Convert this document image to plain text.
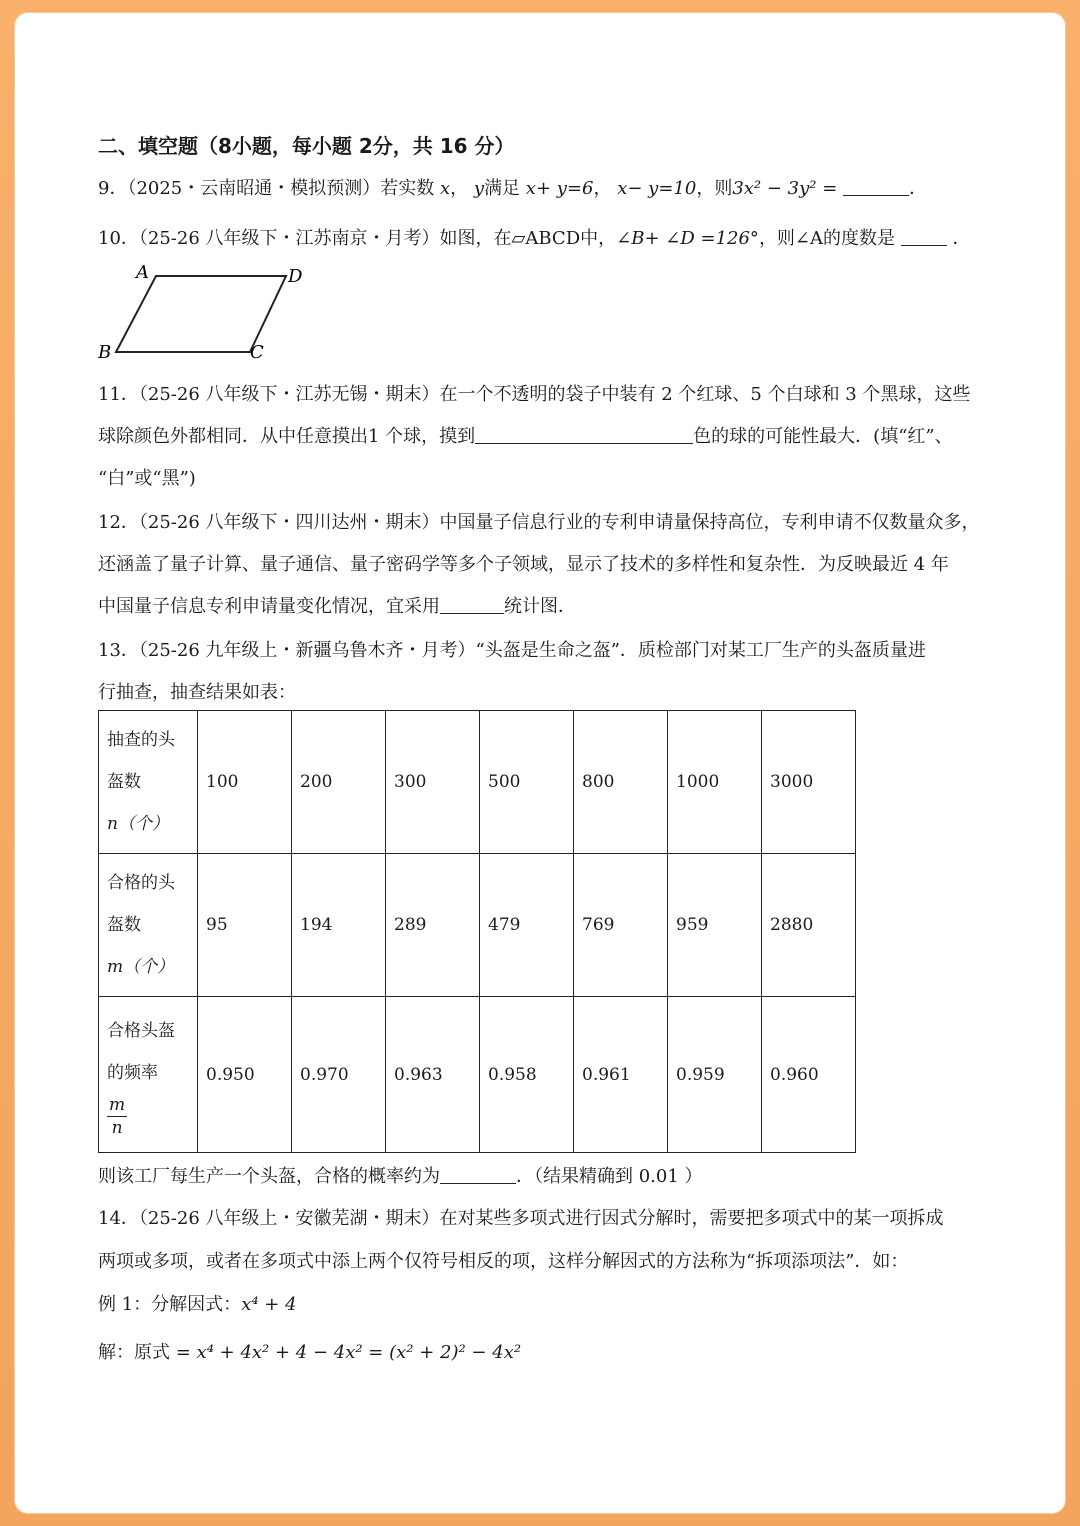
二、填空题（8小题，每小题 2分，共 16 分）
9．（2025・云南昭通・模拟预测）若实数 x， y满足 x+ y=6， x− y=10，则3x² − 3y² =	．
10．（25-26 八年级下・江苏南京・月考）如图，在▱ABCD中，∠B+ ∠D =126°，则∠A的度数是	．
A	D
B	C
11．（25-26 八年级下・江苏无锡・期末）在一个不透明的袋子中装有 2 个红球、5 个白球和 3 个黑球，这些
球除颜色外都相同．从中任意摸出1 个球，摸到	色的球的可能性最大．(填“红”、
“白”或“黑”)
12．（25-26 八年级下・四川达州・期末）中国量子信息行业的专利申请量保持高位，专利申请不仅数量众多，
还涵盖了量子计算、量子通信、量子密码学等多个子领域，显示了技术的多样性和复杂性．为反映最近 4 年
中国量子信息专利申请量变化情况，宜采用	统计图．
13．（25-26 九年级上・新疆乌鲁木齐・月考）“头盔是生命之盔”．质检部门对某工厂生产的头盔质量进
行抽查，抽查结果如表：
抽查的头
盔数
n（个）	100	200	300	500	800	1000	3000

合格的头
盔数
m（个）	95	194	289	479	769	959	2880

合格头盔
的频率
$\frac{m}{n}$	0.950	0.970	0.963	0.958	0.961	0.959	0.960
则该工厂每生产一个头盔，合格的概率约为	．（结果精确到 0.01 ）
14．（25-26 八年级上・安徽芜湖・期末）在对某些多项式进行因式分解时，需要把多项式中的某一项拆成
两项或多项，或者在多项式中添上两个仅符号相反的项，这样分解因式的方法称为“拆项添项法”．如：
例 1：分解因式：x⁴ + 4
解：原式 = x⁴ + 4x² + 4 − 4x² = (x² + 2)² − 4x²
